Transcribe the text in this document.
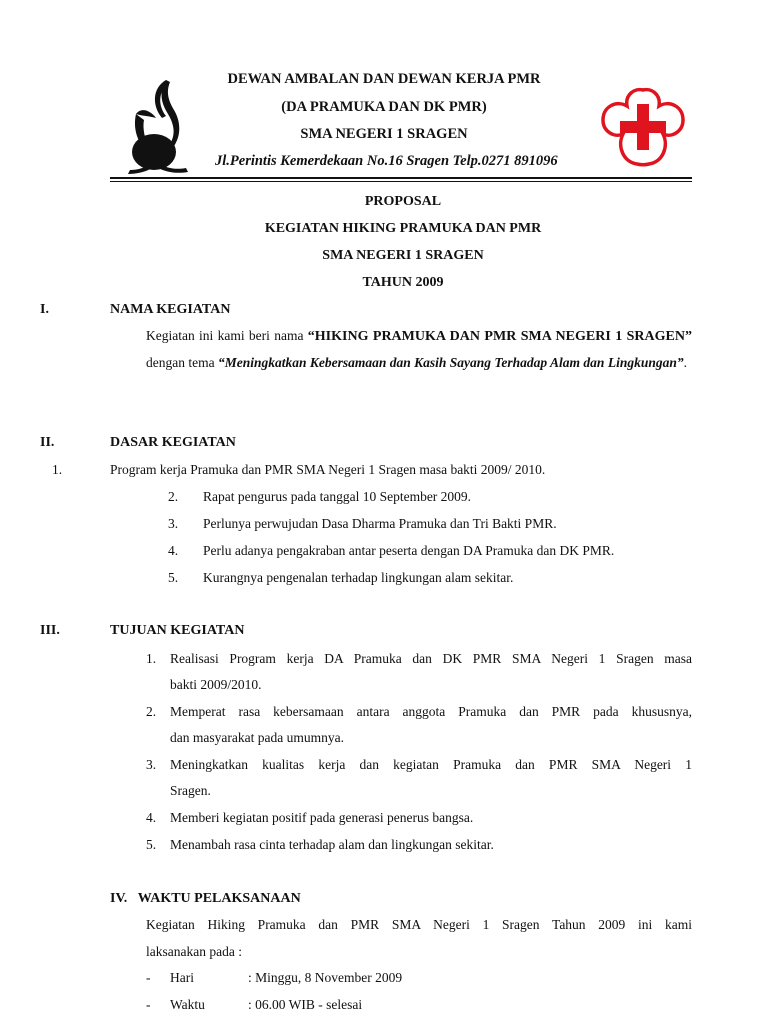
DEWAN AMBALAN DAN DEWAN KERJA PMR
(DA PRAMUKA DAN DK PMR)
SMA NEGERI 1 SRAGEN
Jl.Perintis Kemerdekaan No.16 Sragen Telp.0271 891096
PROPOSAL
KEGIATAN HIKING PRAMUKA DAN PMR
SMA NEGERI 1 SRAGEN
TAHUN 2009
I.	NAMA KEGIATAN
Kegiatan ini kami beri nama “HIKING PRAMUKA DAN PMR SMA NEGERI 1 SRAGEN” dengan tema “Meningkatkan Kebersamaan dan Kasih Sayang Terhadap Alam dan Lingkungan”.
II.	DASAR KEGIATAN
1.	Program kerja Pramuka dan PMR SMA Negeri 1 Sragen masa bakti 2009/ 2010.
2. Rapat pengurus pada tanggal 10 September 2009.
3. Perlunya perwujudan Dasa Dharma Pramuka dan Tri Bakti PMR.
4. Perlu adanya pengakraban antar peserta dengan DA Pramuka dan DK PMR.
5. Kurangnya pengenalan terhadap lingkungan alam sekitar.
III.	TUJUAN KEGIATAN
1. Realisasi Program kerja DA Pramuka dan DK PMR SMA Negeri 1 Sragen masa
bakti 2009/2010.
2. Memperat rasa kebersamaan antara anggota Pramuka dan PMR pada khususnya,
dan masyarakat pada umumnya.
3. Meningkatkan kualitas kerja dan kegiatan Pramuka dan PMR SMA Negeri 1
Sragen.
4. Memberi kegiatan positif pada generasi penerus bangsa.
5. Menambah rasa cinta terhadap alam dan lingkungan sekitar.
IV. WAKTU PELAKSANAAN
Kegiatan Hiking Pramuka dan PMR SMA Negeri 1 Sragen Tahun 2009 ini kami
laksanakan pada :
- Hari	: Minggu, 8 November 2009
- Waktu	: 06.00 WIB - selesai
